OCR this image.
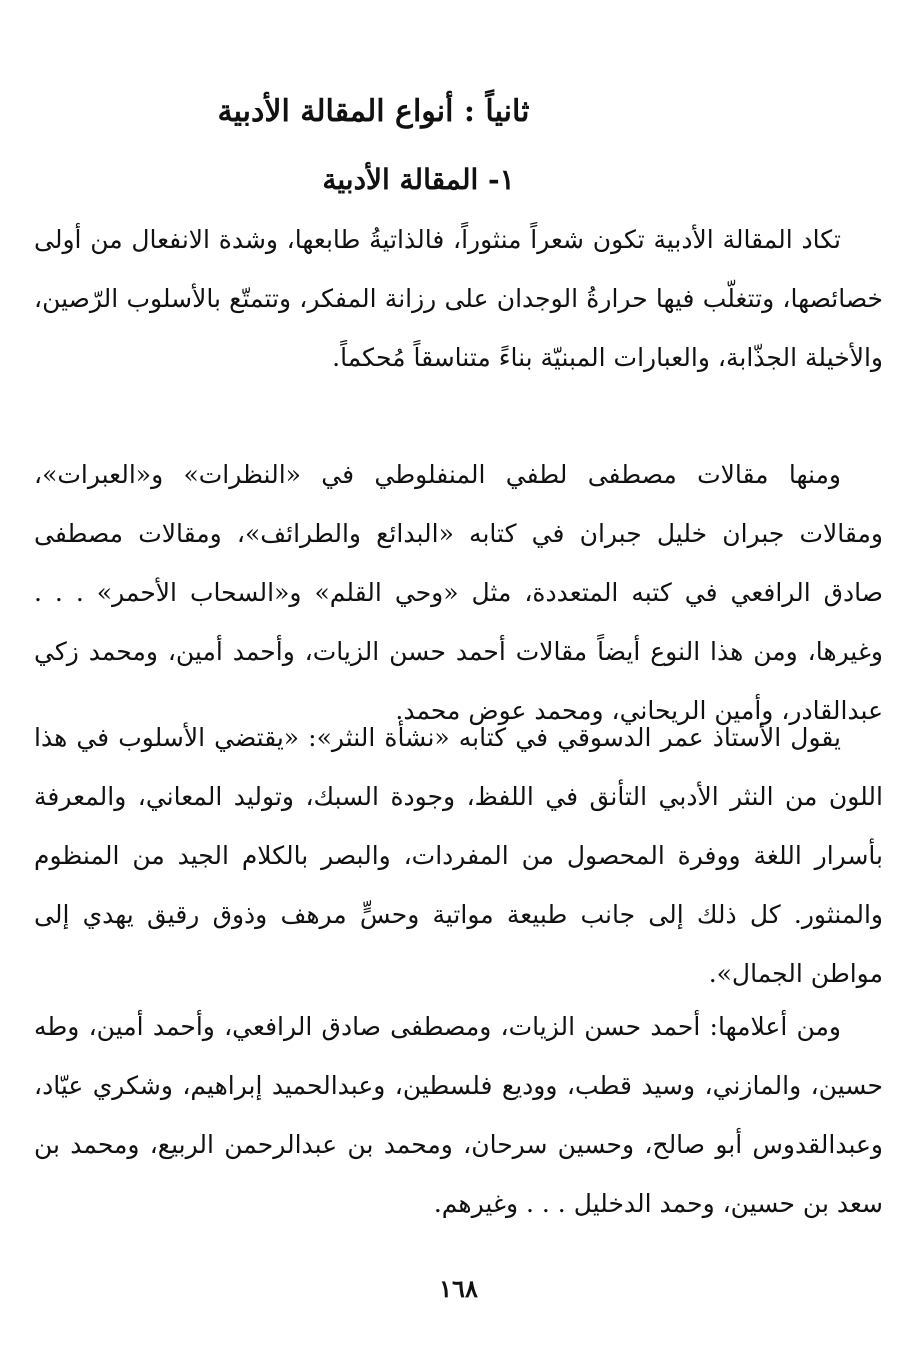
ثانياً : أنواع المقالة الأدبية
١- المقالة الأدبية

تكاد المقالة الأدبية تكون شعراً منثوراً، فالذاتيةُ طابعها، وشدة الانفعال من أولى خصائصها، وتتغلّب فيها حرارةُ الوجدان على رزانة المفكر، وتتمتّع بالأسلوب الرّصين، والأخيلة الجذّابة، والعبارات المبنيّة بناءً متناسقاً مُحكماً.

ومنها مقالات مصطفى لطفي المنفلوطي في «النظرات» و«العبرات»، ومقالات جبران خليل جبران في كتابه «البدائع والطرائف»، ومقالات مصطفى صادق الرافعي في كتبه المتعددة، مثل «وحي القلم» و«السحاب الأحمر» . . . وغيرها، ومن هذا النوع أيضاً مقالات أحمد حسن الزيات، وأحمد أمين، ومحمد زكي عبدالقادر، وأمين الريحاني، ومحمد عوض محمد.

يقول الأستاذ عمر الدسوقي في كتابه «نشأة النثر»: «يقتضي الأسلوب في هذا اللون من النثر الأدبي التأنق في اللفظ، وجودة السبك، وتوليد المعاني، والمعرفة بأسرار اللغة ووفرة المحصول من المفردات، والبصر بالكلام الجيد من المنظوم والمنثور. كل ذلك إلى جانب طبيعة مواتية وحسٍّ مرهف وذوق رقيق يهدي إلى مواطن الجمال».

ومن أعلامها: أحمد حسن الزيات، ومصطفى صادق الرافعي، وأحمد أمين، وطه حسين، والمازني، وسيد قطب، ووديع فلسطين، وعبدالحميد إبراهيم، وشكري عيّاد، وعبدالقدوس أبو صالح، وحسين سرحان، ومحمد بن عبدالرحمن الربيع، ومحمد بن سعد بن حسين، وحمد الدخليل . . . وغيرهم.

١٦٨
